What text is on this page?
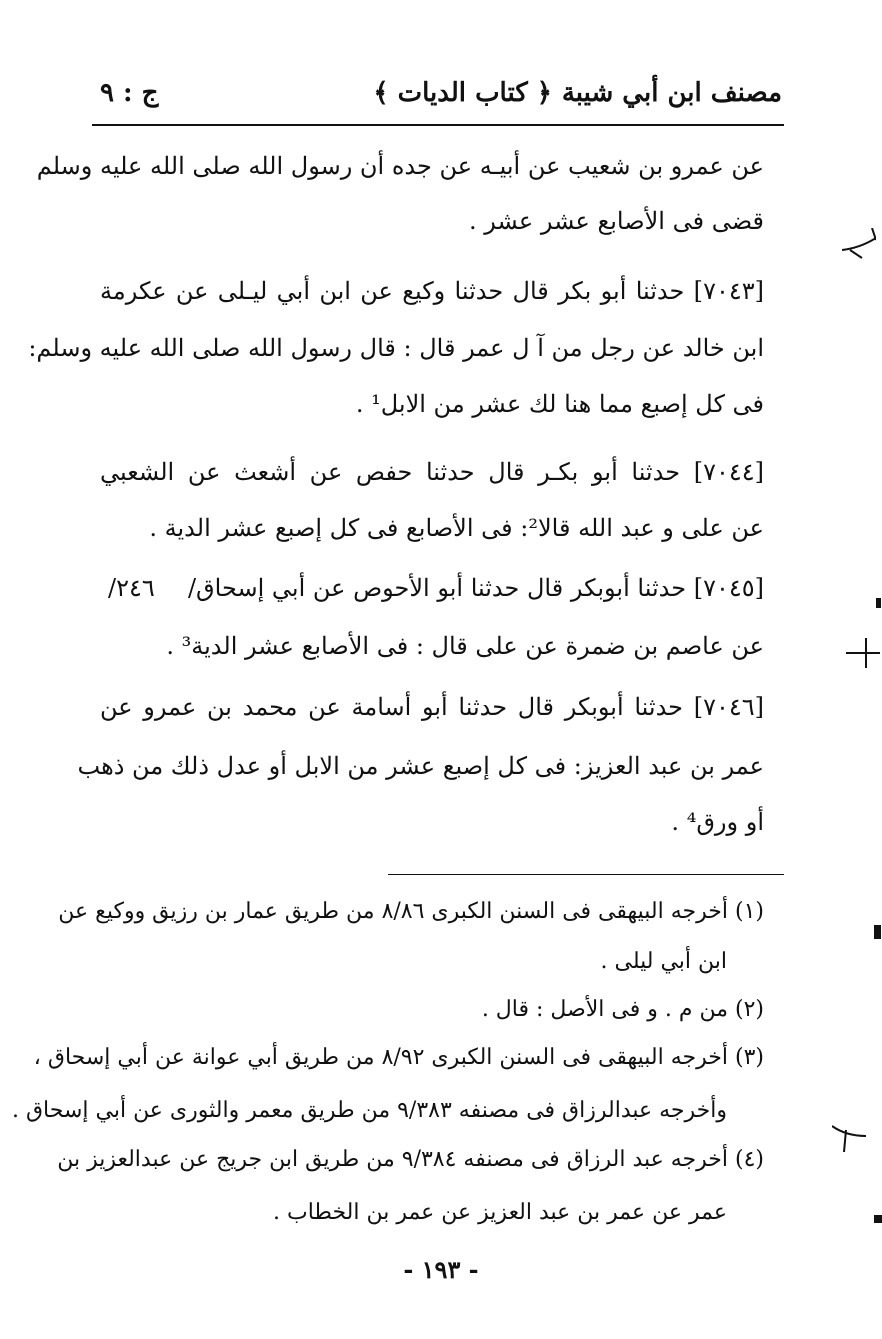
مصنف ابن أبي شيبة
﴿ كتاب الديات ﴾
ج : ٩
عن عمرو بن شعيب عن أبيـه عن جده أن رسول الله صلى الله عليه وسلم
قضى فى الأصابع عشر عشر .
[٧٠٤٣] حدثنا أبو بكر قال حدثنا وكيع عن ابن أبي ليـلى عن عكرمة
ابن خالد عن رجل من آ ل عمر قال : قال رسول الله صلى الله عليه وسلم:
فى كل إصبع مما هنا لك عشر من الابل¹ .
[٧٠٤٤] حدثنا أبو بكـر قال حدثنا حفص عن أشعث عن الشعبي
عن على و عبد الله قالا²: فى الأصابع فى كل إصبع عشر الدية .
[٧٠٤٥] حدثنا أبوبكر قال حدثنا أبو الأحوص عن أبي إسحاق/
٢٤٦/
عن عاصم بن ضمرة عن على قال : فى الأصابع عشر الدية³ .
[٧٠٤٦] حدثنا أبوبكر قال حدثنا أبو أسامة عن محمد بن عمرو عن
عمر بن عبد العزيز: فى كل إصبع عشر من الابل أو عدل ذلك من ذهب
أو ورق⁴ .
(١) أخرجه البيهقى فى السنن الكبرى ٨/٨٦ من طريق عمار بن رزيق ووكيع عن
ابن أبي ليلى .
(٢) من م . و فى الأصل : قال .
(٣) أخرجه البيهقى فى السنن الكبرى ٨/٩٢ من طريق أبي عوانة عن أبي إسحاق ،
وأخرجه عبدالرزاق فى مصنفه ٩/٣٨٣ من طريق معمر والثورى عن أبي إسحاق .
(٤) أخرجه عبد الرزاق فى مصنفه ٩/٣٨٤ من طريق ابن جريج عن عبدالعزيز بن
عمر عن عمر بن عبد العزيز عن عمر بن الخطاب .
- ١٩٣ -
